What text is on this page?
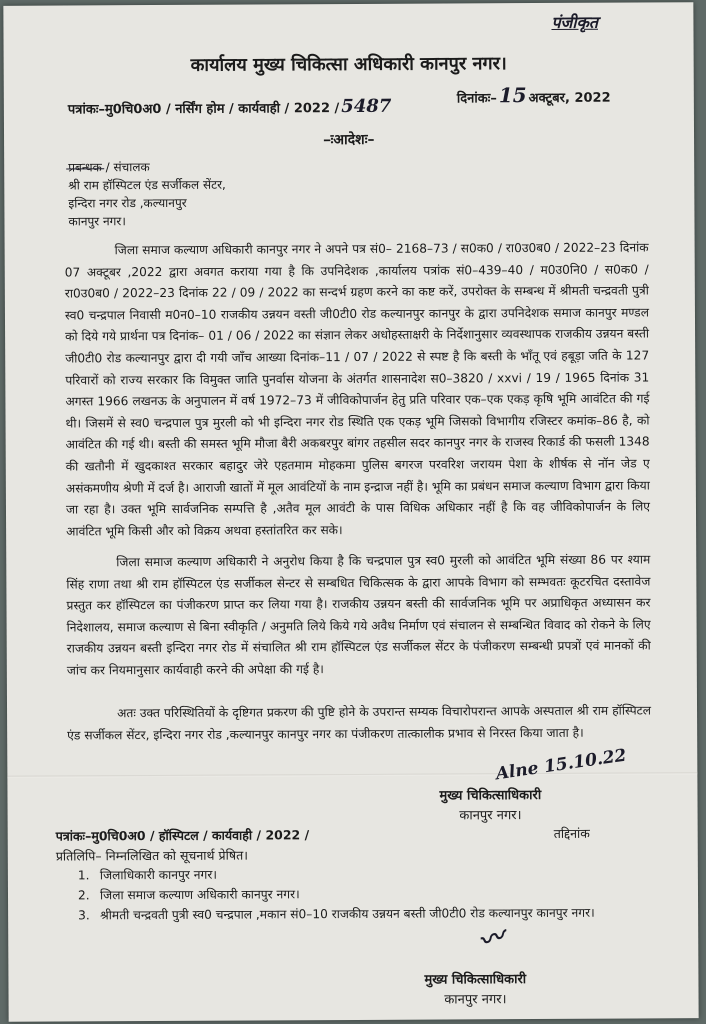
पंजीकृत
कार्यालय मुख्य चिकित्सा अधिकारी कानपुर नगर।
पत्रांकः–मु0चि0अ0 / नर्सिंग होम / कार्यवाही / 2022 / 5487	दिनांकः–15 अक्टूबर, 2022
–ःआदेशः–
प्रबन्धक / संचालक
श्री राम हॉस्पिटल एंड सर्जीकल सेंटर,
इन्दिरा नगर रोड ,कल्यानपुर
कानपुर नगर।
जिला समाज कल्याण अधिकारी कानपुर नगर ने अपने पत्र सं0– 2168–73 / स0क0 / रा0उ0ब0 / 2022–23 दिनांक 07 अक्टूबर ,2022 द्वारा अवगत कराया गया है कि उपनिदेशक ,कार्यालय पत्रांक सं0–439–40 / म0उ0नि0 / स0क0 / रा0उ0ब0 / 2022–23 दिनांक 22 / 09 / 2022 का सन्दर्भ ग्रहण करने का कष्ट करें, उपरोक्त के सम्बन्ध में श्रीमती चन्द्रवती पुत्री स्व0 चन्द्रपाल निवासी म0न0–10 राजकीय उन्नयन वस्ती जी0टी0 रोड कल्यानपुर कानपुर के द्वारा उपनिदेशक समाज कानपुर मण्डल को दिये गये प्रार्थना पत्र दिनांक– 01 / 06 / 2022 का संज्ञान लेकर अधोहस्ताक्षरी के निर्देशानुसार व्यवस्थापक राजकीय उन्नयन बस्ती जी0टी0 रोड कल्यानपुर द्वारा दी गयी जाँच आख्या दिनांक–11 / 07 / 2022 से स्पष्ट है कि बस्ती के भाँतू एवं हबूड़ा जति के 127 परिवारों को राज्य सरकार कि विमुक्त जाति पुनर्वास योजना के अंतर्गत शासनादेश स0–3820 / xxvi / 19 / 1965 दिनांक 31 अगस्त 1966 लखनऊ के अनुपालन में वर्ष 1972–73 में जीविकोपार्जन हेतु प्रति परिवार एक–एक एकड़ कृषि भूमि आवंटित की गई थी। जिसमें से स्व0 चन्द्रपाल पुत्र मुरली को भी इन्दिरा नगर रोड स्थिति एक एकड़ भूमि जिसको विभागीय रजिस्टर कमांक–86 है, को आवंटित की गई थी। बस्ती की समस्त भूमि मौजा बैरी अकबरपुर बांगर तहसील सदर कानपुर नगर के राजस्व रिकार्ड की फसली 1348 की खतौनी में खुदकाश्त सरकार बहादुर जेरे एहतमाम मोहकमा पुलिस बगरज परवरिश जरायम पेशा के शीर्षक से नॉन जेड ए असंकमणीय श्रेणी में दर्ज है। आराजी खातों में मूल आवंटियों के नाम इन्द्राज नहीं है। भूमि का प्रबंधन समाज कल्याण विभाग द्वारा किया जा रहा है। उक्त भूमि सार्वजनिक सम्पत्ति है ,अतैव मूल आवंटी के पास विधिक अधिकार नहीं है कि वह जीविकोपार्जन के लिए आवंटित भूमि किसी और को विक्रय अथवा हस्तांतरित कर सके।
जिला समाज कल्याण अधिकारी ने अनुरोध किया है कि चन्द्रपाल पुत्र स्व0 मुरली को आवंटित भूमि संख्या 86 पर श्याम सिंह राणा तथा श्री राम हॉस्पिटल एंड सर्जीकल सेन्टर से सम्बधित चिकित्सक के द्वारा आपके विभाग को सम्भवतः कूटरचित दस्तावेज प्रस्तुत कर हॉस्पिटल का पंजीकरण प्राप्त कर लिया गया है। राजकीय उन्नयन बस्ती की सार्वजनिक भूमि पर अप्राधिकृत अध्यासन कर निदेशालय, समाज कल्याण से बिना स्वीकृति / अनुमति लिये किये गये अवैध निर्माण एवं संचालन से सम्बन्धित विवाद को रोकने के लिए राजकीय उन्नयन बस्ती इन्दिरा नगर रोड में संचालित श्री राम हॉस्पिटल एंड सर्जीकल सेंटर के पंजीकरण सम्बन्धी प्रपत्रों एवं मानकों की जांच कर नियमानुसार कार्यवाही करने की अपेक्षा की गई है।
अतः उक्त परिस्थितियों के दृष्टिगत प्रकरण की पुष्टि होने के उपरान्त सम्यक विचारोपरान्त आपके अस्पताल श्री राम हॉस्पिटल एंड सर्जीकल सेंटर, इन्दिरा नगर रोड ,कल्यानपुर कानपुर नगर का पंजीकरण तात्कालीक प्रभाव से निरस्त किया जाता है।
Alne 15.10.22
मुख्य चिकित्साधिकारी
कानपुर नगर।
पत्रांकः–मु0चि0अ0 / हॉस्पिटल / कार्यवाही / 2022 /	तद्दिनांक
प्रतिलिपि– निम्नलिखित को सूचनार्थ प्रेषित।
1. जिलाधिकारी कानपुर नगर।
2. जिला समाज कल्याण अधिकारी कानपुर नगर।
3. श्रीमती चन्द्रवती पुत्री स्व0 चन्द्रपाल ,मकान सं0–10 राजकीय उन्नयन बस्ती जी0टी0 रोड कल्यानपुर कानपुर नगर।
〰
मुख्य चिकित्साधिकारी
कानपुर नगर।
